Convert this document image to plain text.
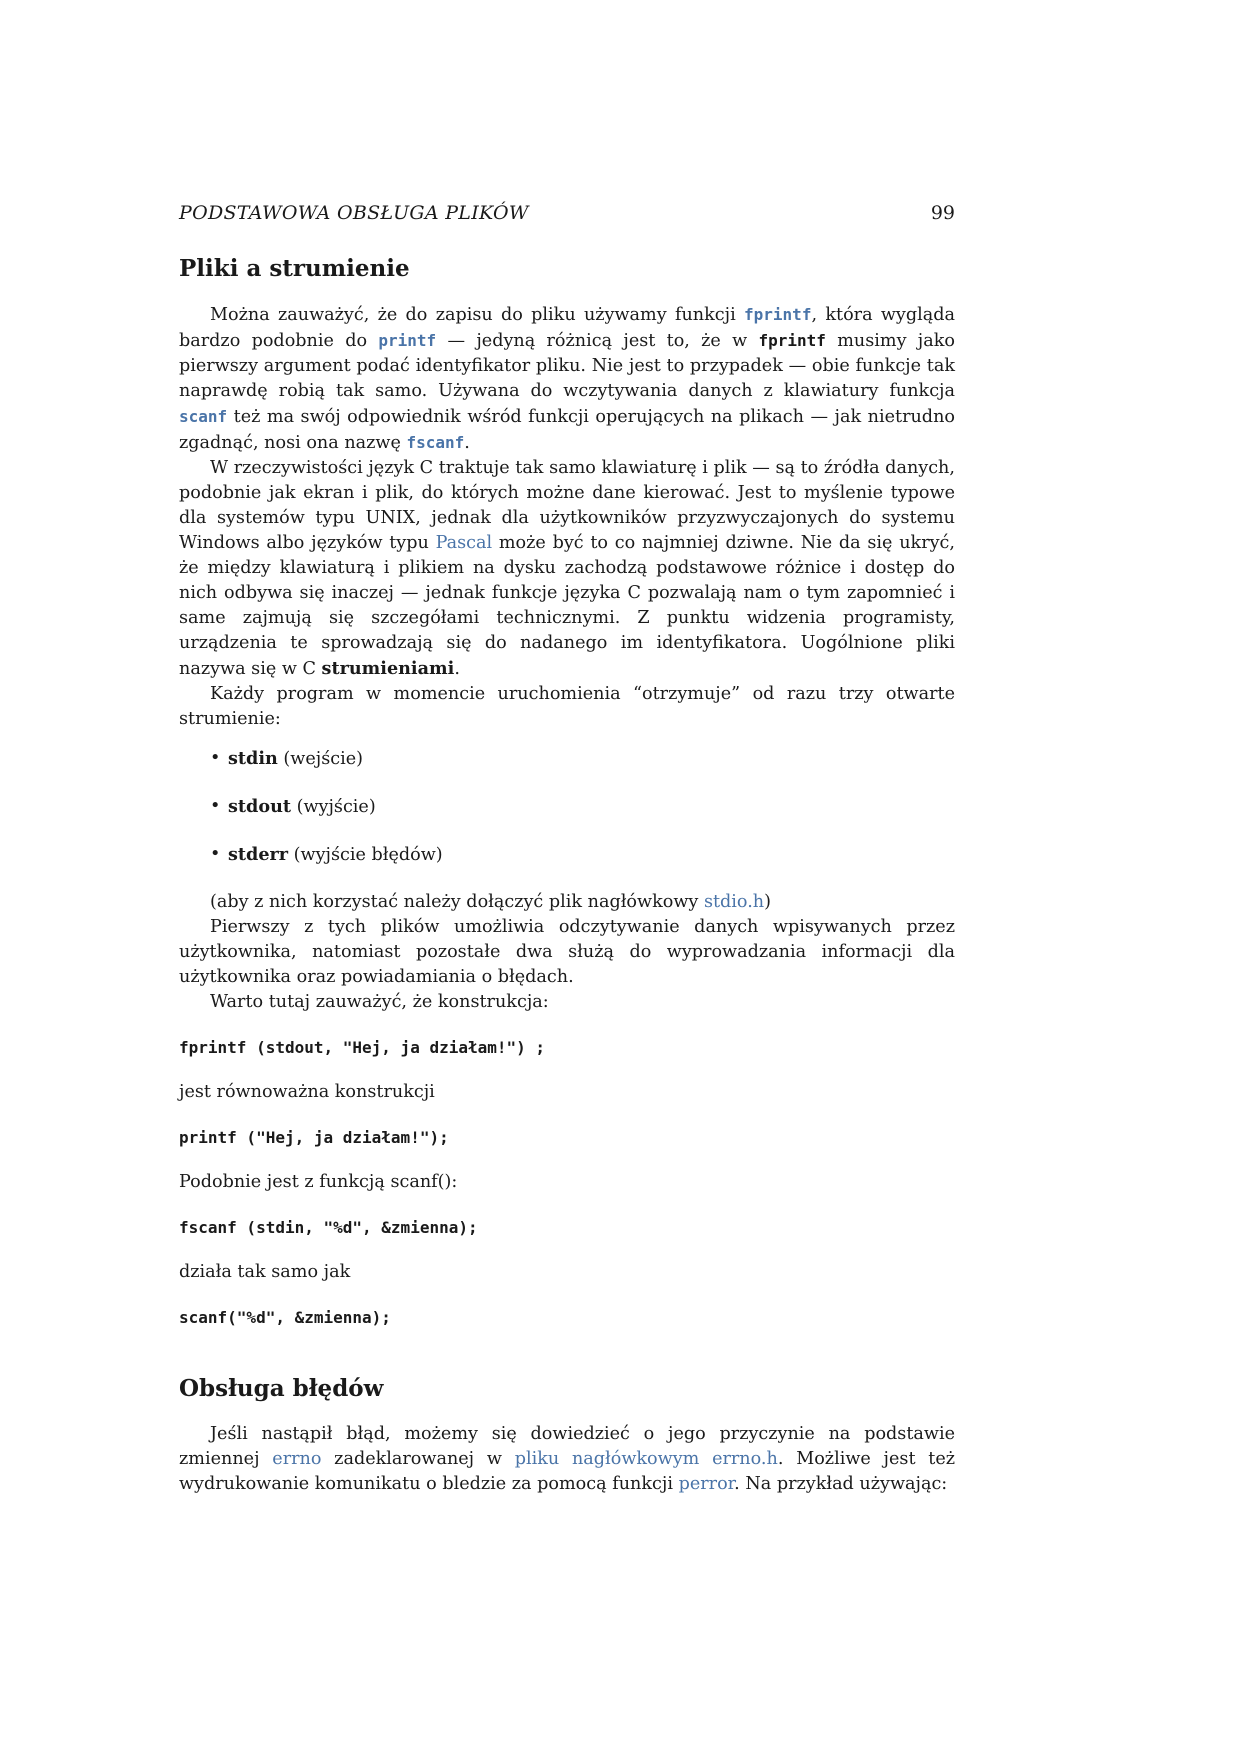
PODSTAWOWA OBSŁUGA PLIKÓW	99
Pliki a strumienie

Można zauważyć, że do zapisu do pliku używamy funkcji fprintf, która wygląda bardzo podobnie do printf — jedyną różnicą jest to, że w fprintf musimy jako pierwszy argument podać identyfikator pliku. Nie jest to przypadek — obie funkcje tak naprawdę robią tak samo. Używana do wczytywania danych z klawiatury funkcja scanf też ma swój odpowiednik wśród funkcji operujących na plikach — jak nietrudno zgadnąć, nosi ona nazwę fscanf.

W rzeczywistości język C traktuje tak samo klawiaturę i plik — są to źródła danych, podobnie jak ekran i plik, do których możne dane kierować. Jest to myślenie typowe dla systemów typu UNIX, jednak dla użytkowników przyzwyczajonych do systemu Windows albo języków typu Pascal może być to co najmniej dziwne. Nie da się ukryć, że między klawiaturą i plikiem na dysku zachodzą podstawowe różnice i dostęp do nich odbywa się inaczej — jednak funkcje języka C pozwalają nam o tym zapomnieć i same zajmują się szczegółami technicznymi. Z punktu widzenia programisty, urządzenia te sprowadzają się do nadanego im identyfikatora. Uogólnione pliki nazywa się w C strumieniami.

Każdy program w momencie uruchomienia “otrzymuje” od razu trzy otwarte strumienie:

• stdin (wejście)
• stdout (wyjście)
• stderr (wyjście błędów)

(aby z nich korzystać należy dołączyć plik nagłówkowy stdio.h)

Pierwszy z tych plików umożliwia odczytywanie danych wpisywanych przez użytkownika, natomiast pozostałe dwa służą do wyprowadzania informacji dla użytkownika oraz powiadamiania o błędach.

Warto tutaj zauważyć, że konstrukcja:

fprintf (stdout, "Hej, ja działam!") ;

jest równoważna konstrukcji

printf ("Hej, ja działam!");

Podobnie jest z funkcją scanf():

fscanf (stdin, "%d", &zmienna);

działa tak samo jak

scanf("%d", &zmienna);
Obsługa błędów

Jeśli nastąpił błąd, możemy się dowiedzieć o jego przyczynie na podstawie zmiennej errno zadeklarowanej w pliku nagłówkowym errno.h. Możliwe jest też wydrukowanie komunikatu o bledzie za pomocą funkcji perror. Na przykład używając:
